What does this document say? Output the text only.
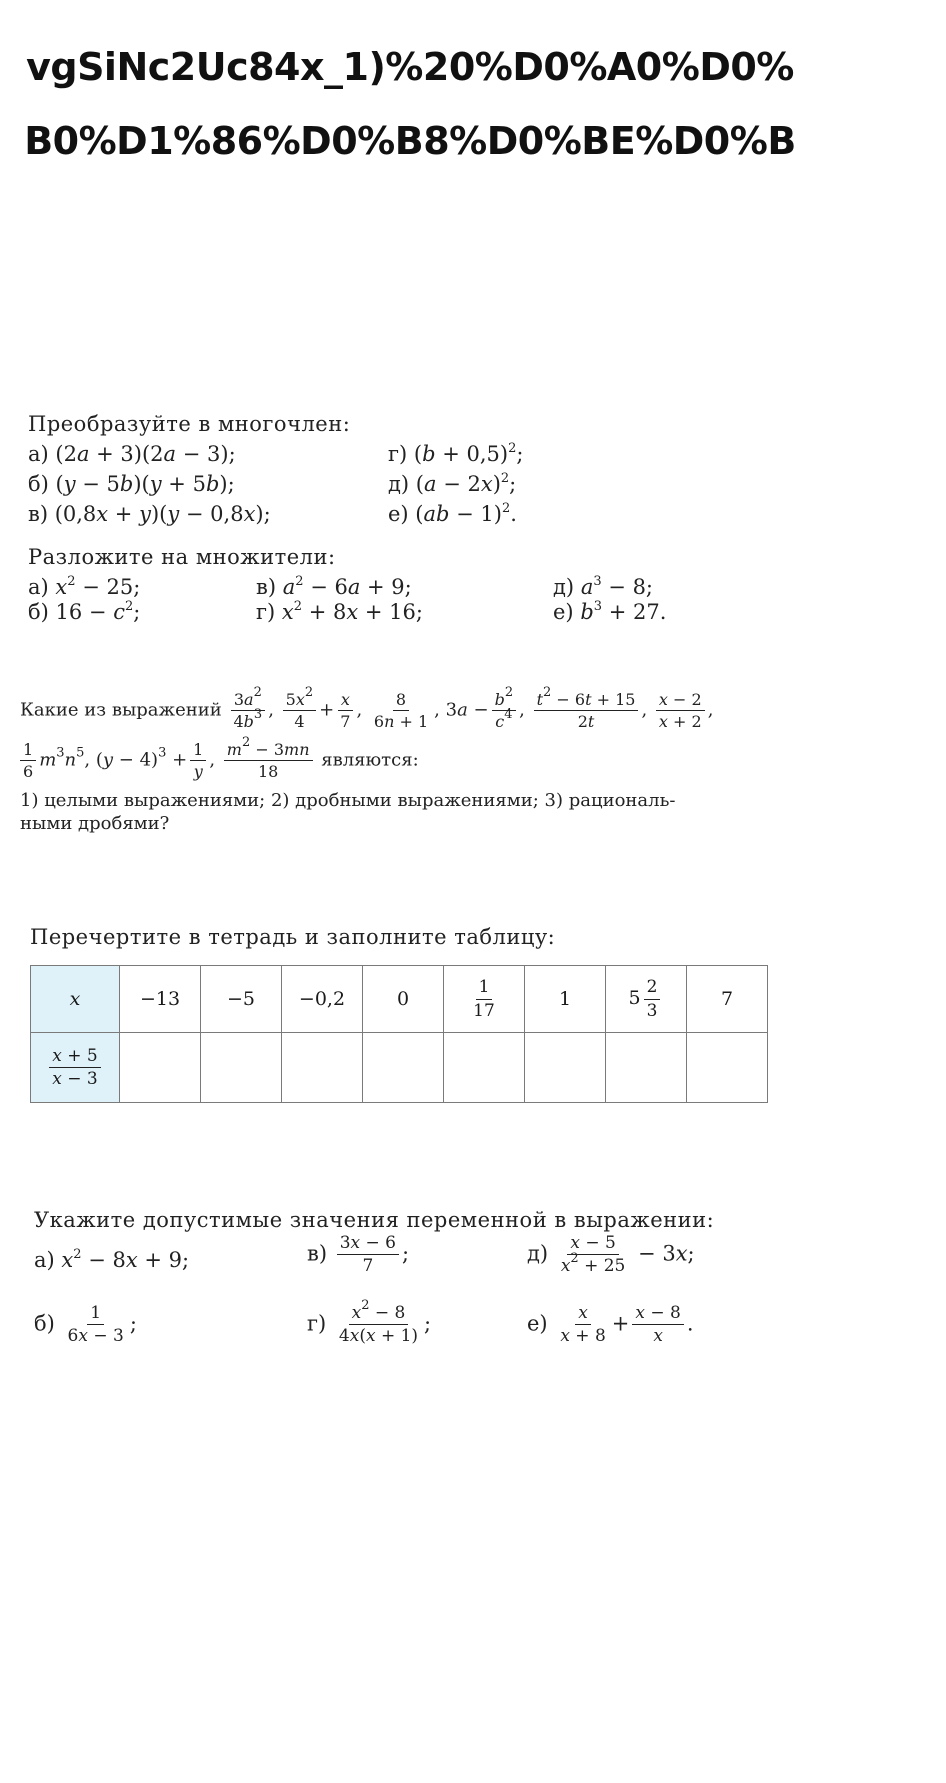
vgSiNc2Uc84x_1)%20%D0%A0%D0%
B0%D1%86%D0%B8%D0%BE%D0%B
Преобразуйте в многочлен:
а) (2a + 3)(2a − 3);
б) (y − 5b)(y + 5b);
в) (0,8x + y)(y − 0,8x);
г) $(b + 0,5)^2$;
д) $(a - 2x)^2$;
е) (ab − 1)$^2$.
Разложите на множители:
а) $x^2 - 25$;
б) $16 - c^2$;
в) $a^2 - 6a + 9$;
г) $x^2 + 8x + 16$;
д) $a^3 - 8$;
е) $b^3 + 27$.
Какие из выражений $\frac{3a^2}{4b^3}$ , $\frac{5x^2}{4} + \frac{x}{7}$ , $\frac{8}{6n + 1}$ , $3a - \frac{b^2}{c^4}$ , $\frac{t^2 - 6t + 15}{2t}$ , $\frac{x - 2}{x + 2}$ ,
$\frac{1}{6} m^3n^5$, $(y - 4)^3 + \frac{1}{y}$ , $\frac{m^2 - 3mn}{18}$ являются:
1) целыми выражениями; 2) дробными выражениями; 3) рациональ-
ными дробями?
Перечертите в тетрадь и заполните таблицу:
x	−13	−5	−0,2	0	$\frac{1}{17}$	1	$5 \frac{2}{3}$	7

$\frac{x + 5}{x - 3}$

Укажите допустимые значения переменной в выражении:
а) $x^2 - 8x + 9$;	$в) \frac{3x - 6}{7}$ ;	$д) \frac{x - 5}{x^2 + 25} - 3x$;
$б) \frac{1}{6x - 3}$ ;	$г) \frac{x^2 - 8}{4x(x + 1)}$ ;	$е) \frac{x}{x + 8} + \frac{x - 8}{x}$ .
